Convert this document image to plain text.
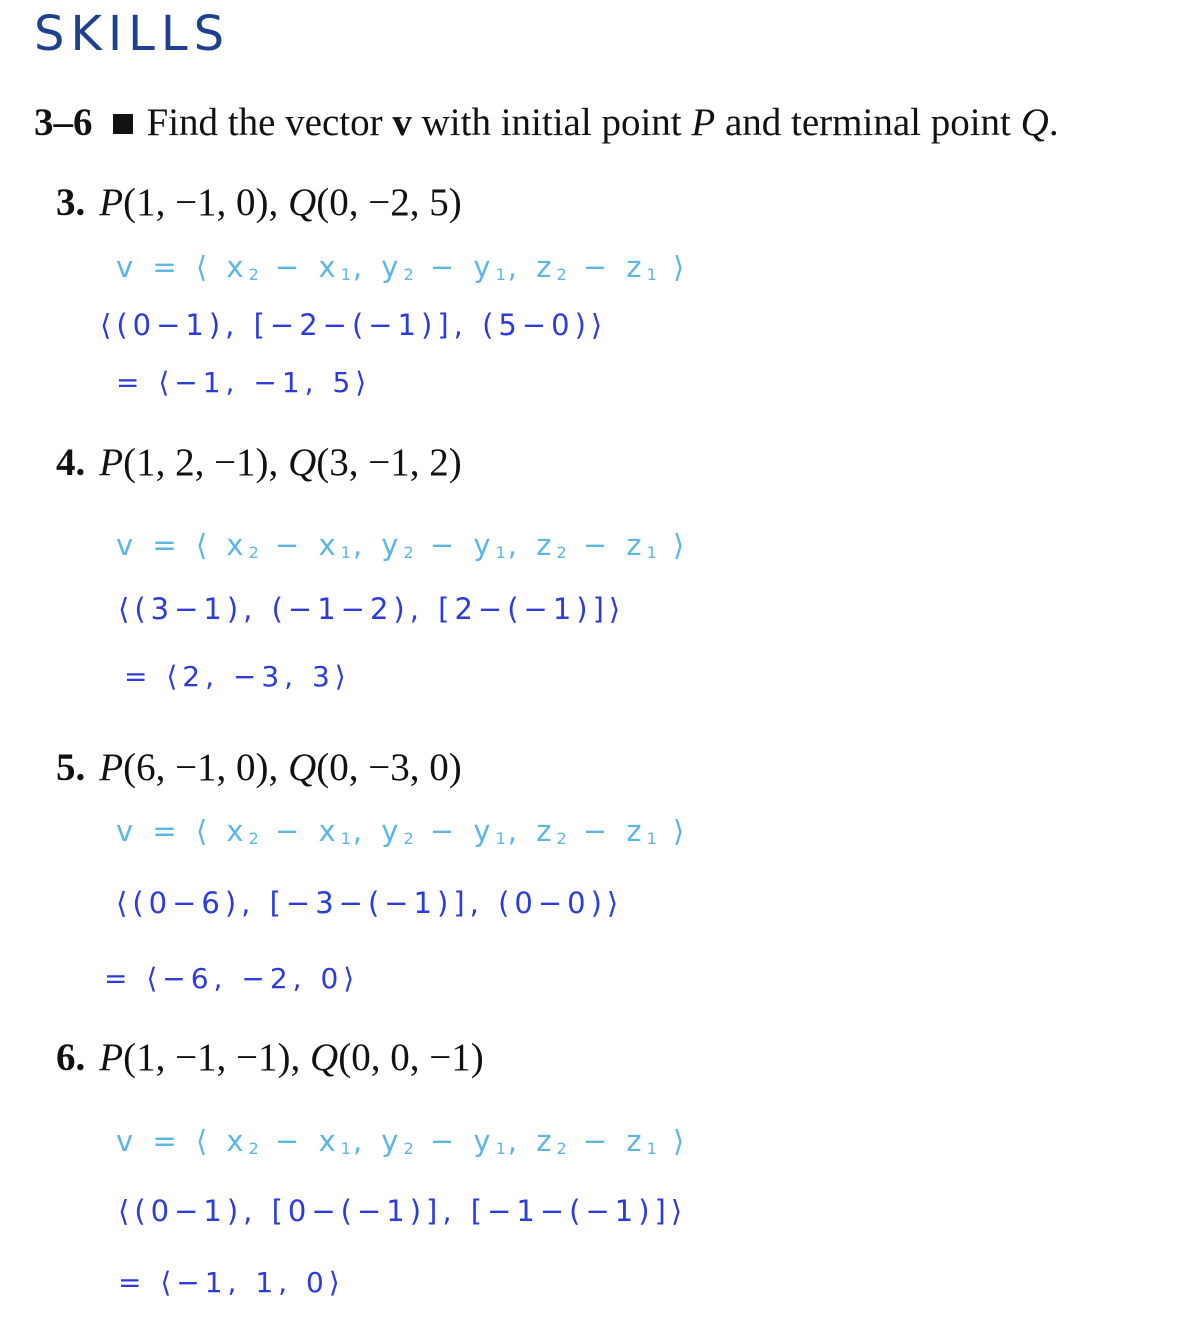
SKILLS
3–6 Find the vector v with initial point P and terminal point Q.
3. P(1, −1, 0), Q(0, −2, 5)
v = ⟨ $x_2 - x_1$, $y_2 - y_1$, $z_2 - z_1$ ⟩
⟨(0−1), [−2−(−1)], (5−0)⟩
= ⟨−1, −1, 5⟩
4. P(1, 2, −1), Q(3, −1, 2)
v = ⟨ $x_2 - x_1$, $y_2 - y_1$, $z_2 - z_1$ ⟩
⟨(3−1), (−1−2), [2−(−1)]⟩
= ⟨2, −3, 3⟩
5. P(6, −1, 0), Q(0, −3, 0)
v = ⟨ $x_2 - x_1$, $y_2 - y_1$, $z_2 - z_1$ ⟩
⟨(0−6), [−3−(−1)], (0−0)⟩
= ⟨−6, −2, 0⟩
6. P(1, −1, −1), Q(0, 0, −1)
v = ⟨ $x_2 - x_1$, $y_2 - y_1$, $z_2 - z_1$ ⟩
⟨(0−1), [0−(−1)], [−1−(−1)]⟩
= ⟨−1, 1, 0⟩
